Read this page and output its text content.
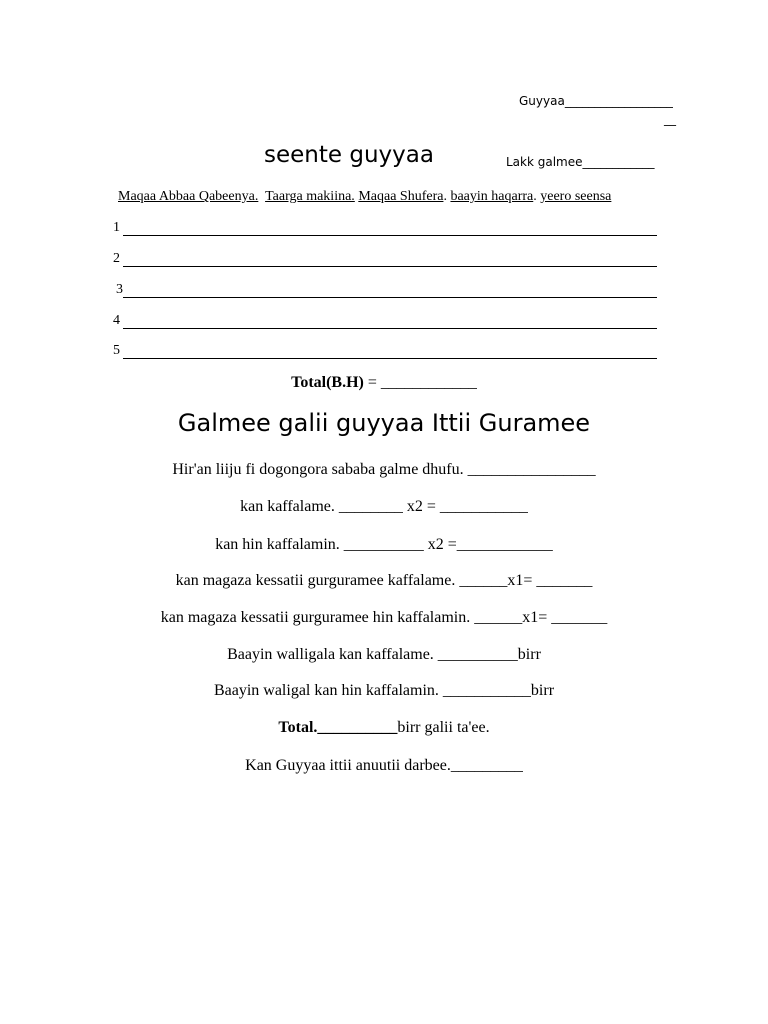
Guyyaa__________________
__
seente guyyaa	Lakk galmee____________
Maqaa Abbaa Qabeenya. Taarga makiina. Maqaa Shufera. baayin haqarra. yeero seensa
1
2
3
4
5
Total(B.H) = ____________
Galmee galii guyyaa Ittii Guramee
Hir'an liiju fi dogongora sababa galme dhufu. ________________
kan kaffalame. ________ x2 = ___________
kan hin kaffalamin. __________ x2 =____________
kan magaza kessatii gurguramee kaffalame. ______x1= _______
kan magaza kessatii gurguramee hin kaffalamin. ______x1= _______
Baayin walligala kan kaffalame. __________birr
Baayin waligal kan hin kaffalamin. ___________birr
Total.__________birr galii ta'ee.
Kan Guyyaa ittii anuutii darbee._________
